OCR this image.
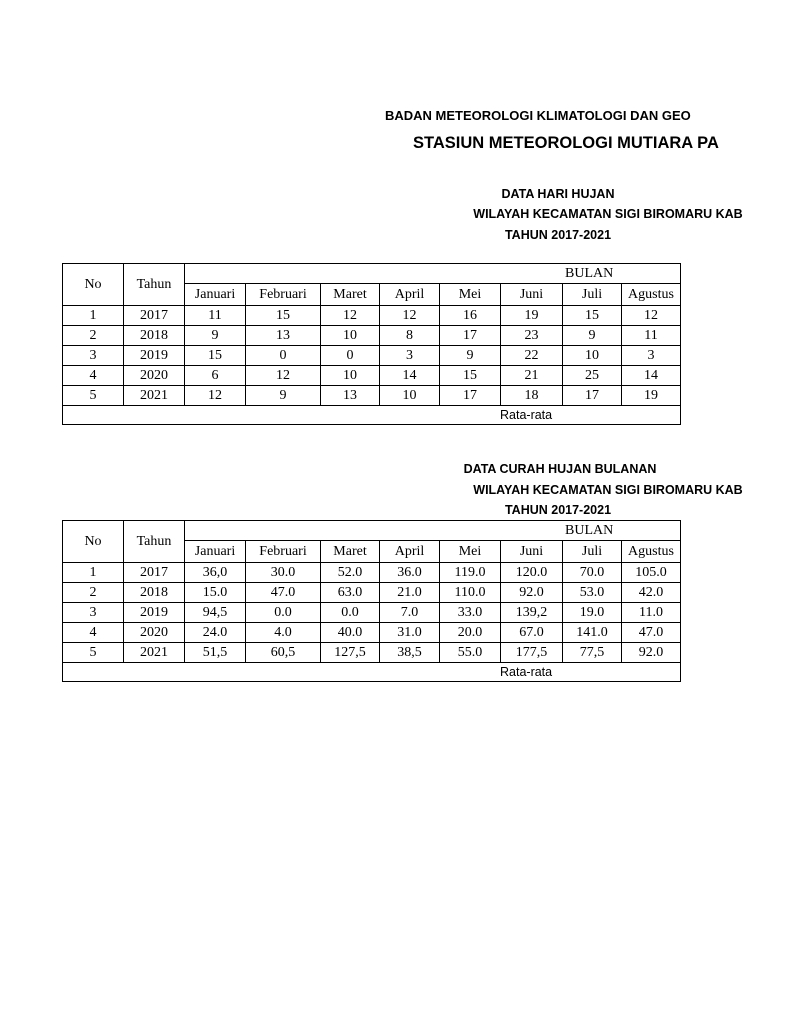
BADAN METEOROLOGI KLIMATOLOGI DAN GEO
STASIUN METEOROLOGI MUTIARA PA
DATA HARI HUJAN
WILAYAH KECAMATAN SIGI BIROMARU KAB
TAHUN 2017-2021
No	Tahun	BULAN							
		Januari	Februari	Maret	April	Mei	Juni	Juli	Agustus
1	2017	11	15	12	12	16	19	15	12
2	2018	9	13	10	8	17	23	9	11
3	2019	15	0	0	3	9	22	10	3
4	2020	6	12	10	14	15	21	25	14
5	2021	12	9	13	10	17	18	17	19
Rata-rata									
DATA CURAH HUJAN BULANAN
WILAYAH KECAMATAN SIGI BIROMARU KAB
TAHUN 2017-2021
No	Tahun	BULAN							
		Januari	Februari	Maret	April	Mei	Juni	Juli	Agustus
1	2017	36,0	30.0	52.0	36.0	119.0	120.0	70.0	105.0
2	2018	15.0	47.0	63.0	21.0	110.0	92.0	53.0	42.0
3	2019	94,5	0.0	0.0	7.0	33.0	139,2	19.0	11.0
4	2020	24.0	4.0	40.0	31.0	20.0	67.0	141.0	47.0
5	2021	51,5	60,5	127,5	38,5	55.0	177,5	77,5	92.0
Rata-rata									
